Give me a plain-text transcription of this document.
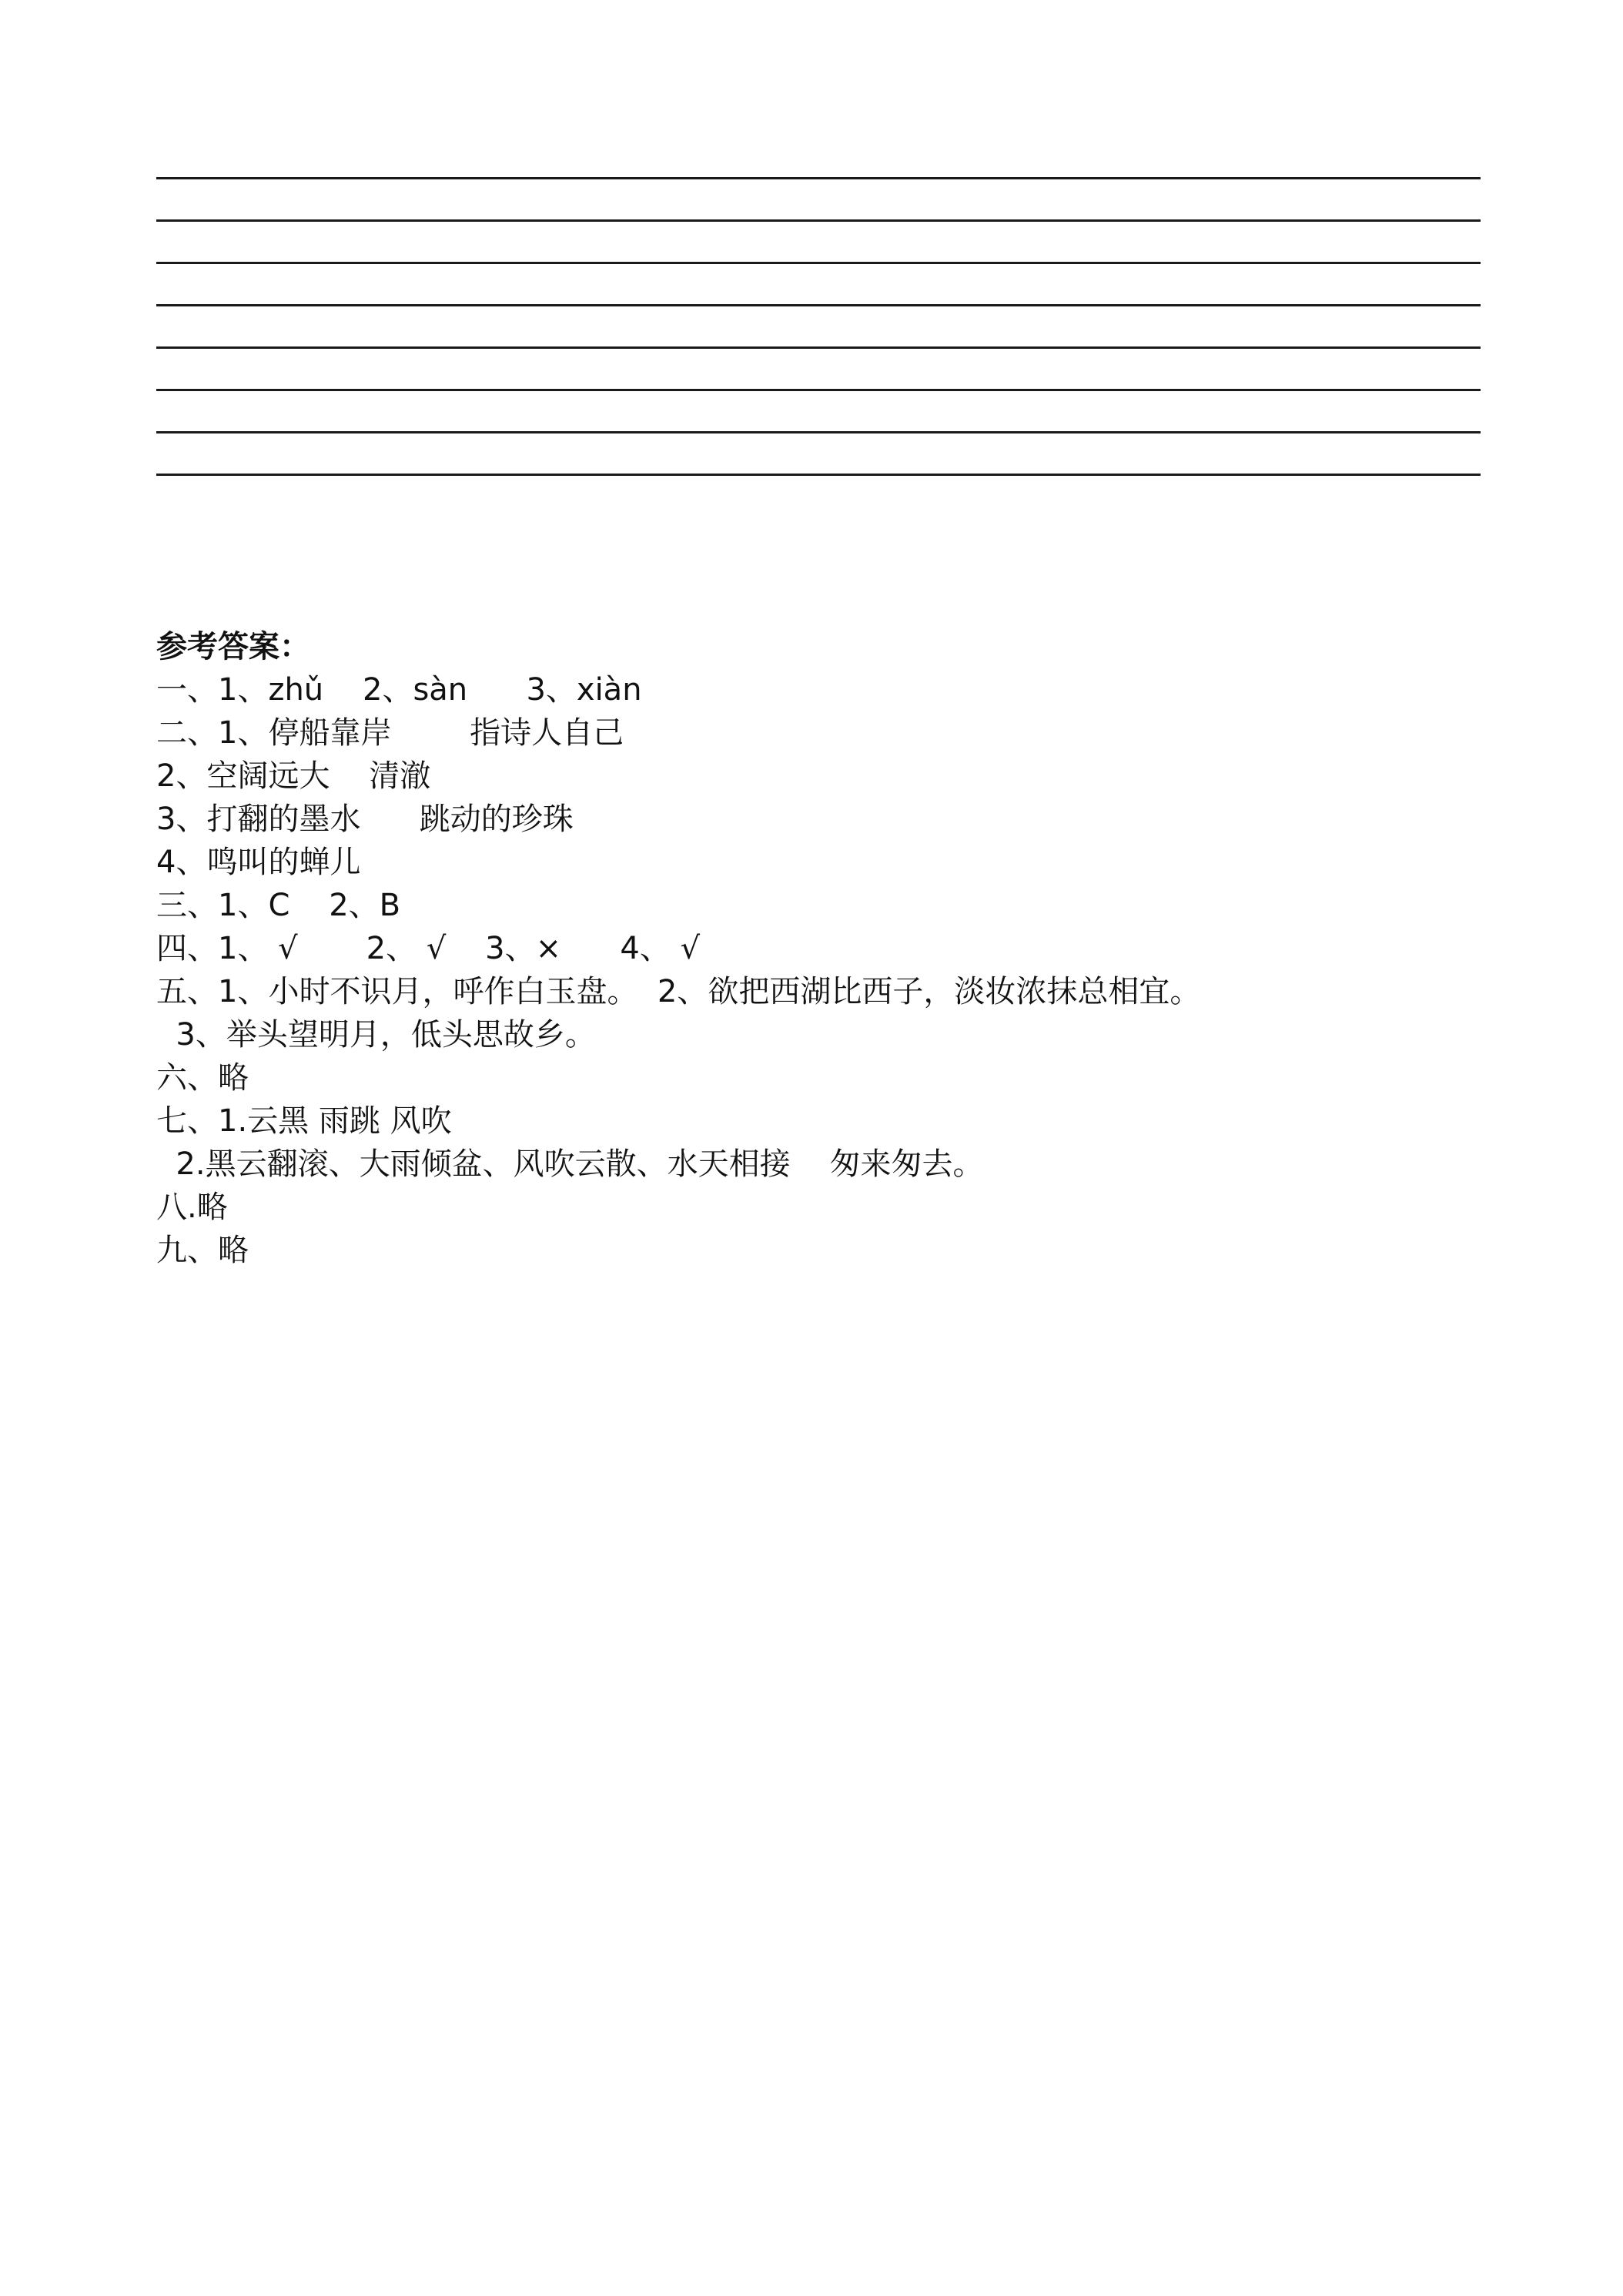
参考答案：
一、1、zhǔ    2、sàn      3、xiàn
二、1、停船靠岸        指诗人自己
2、空阔远大    清澈
3、打翻的墨水      跳动的珍珠
4、鸣叫的蝉儿
三、1、C    2、B
四、1、 √       2、 √    3、×      4、 √
五、1、小时不识月，呼作白玉盘。  2、欲把西湖比西子，淡妆浓抹总相宜。
3、举头望明月，低头思故乡。
六、略
七、1.云黑 雨跳 风吹
2.黑云翻滚、大雨倾盆、风吹云散、水天相接    匆来匆去。
八.略
九、略
